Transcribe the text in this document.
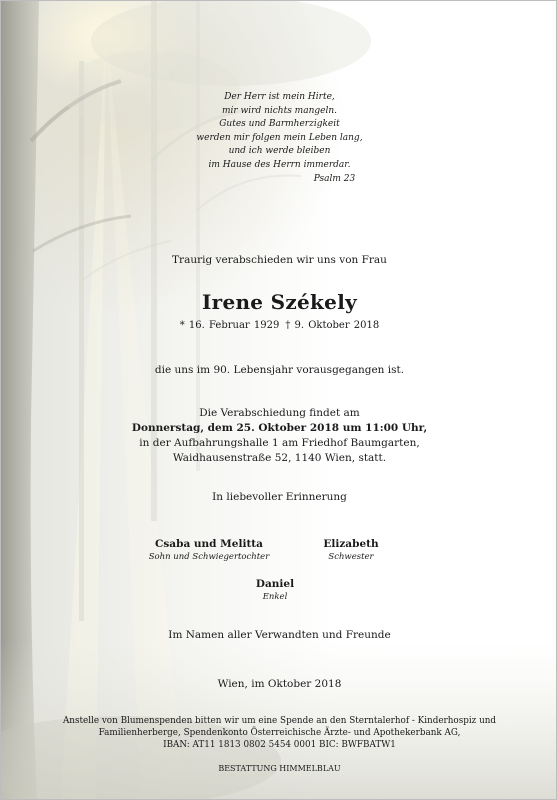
Der Herr ist mein Hirte,
mir wird nichts mangeln.
Gutes und Barmherzigkeit
werden mir folgen mein Leben lang,
und ich werde bleiben
im Hause des Herrn immerdar.
Psalm 23
Traurig verabschieden wir uns von Frau
Irene Székely
* 16. Februar 1929 † 9. Oktober 2018
die uns im 90. Lebensjahr vorausgegangen ist.
Die Verabschiedung findet am
Donnerstag, dem 25. Oktober 2018 um 11:00 Uhr,
in der Aufbahrungshalle 1 am Friedhof Baumgarten,
Waidhausenstraße 52, 1140 Wien, statt.
In liebevoller Erinnerung
Csaba und Melitta
Sohn und Schwiegertochter
Elizabeth
Schwester
Daniel
Enkel
Im Namen aller Verwandten und Freunde
Wien, im Oktober 2018
Anstelle von Blumenspenden bitten wir um eine Spende an den Sterntalerhof - Kinderhospiz und
Familienherberge, Spendenkonto Österreichische Ärzte- und Apothekerbank AG,
IBAN: AT11 1813 0802 5454 0001 BIC: BWFBATW1
BESTATTUNG HIMMELBLAU
